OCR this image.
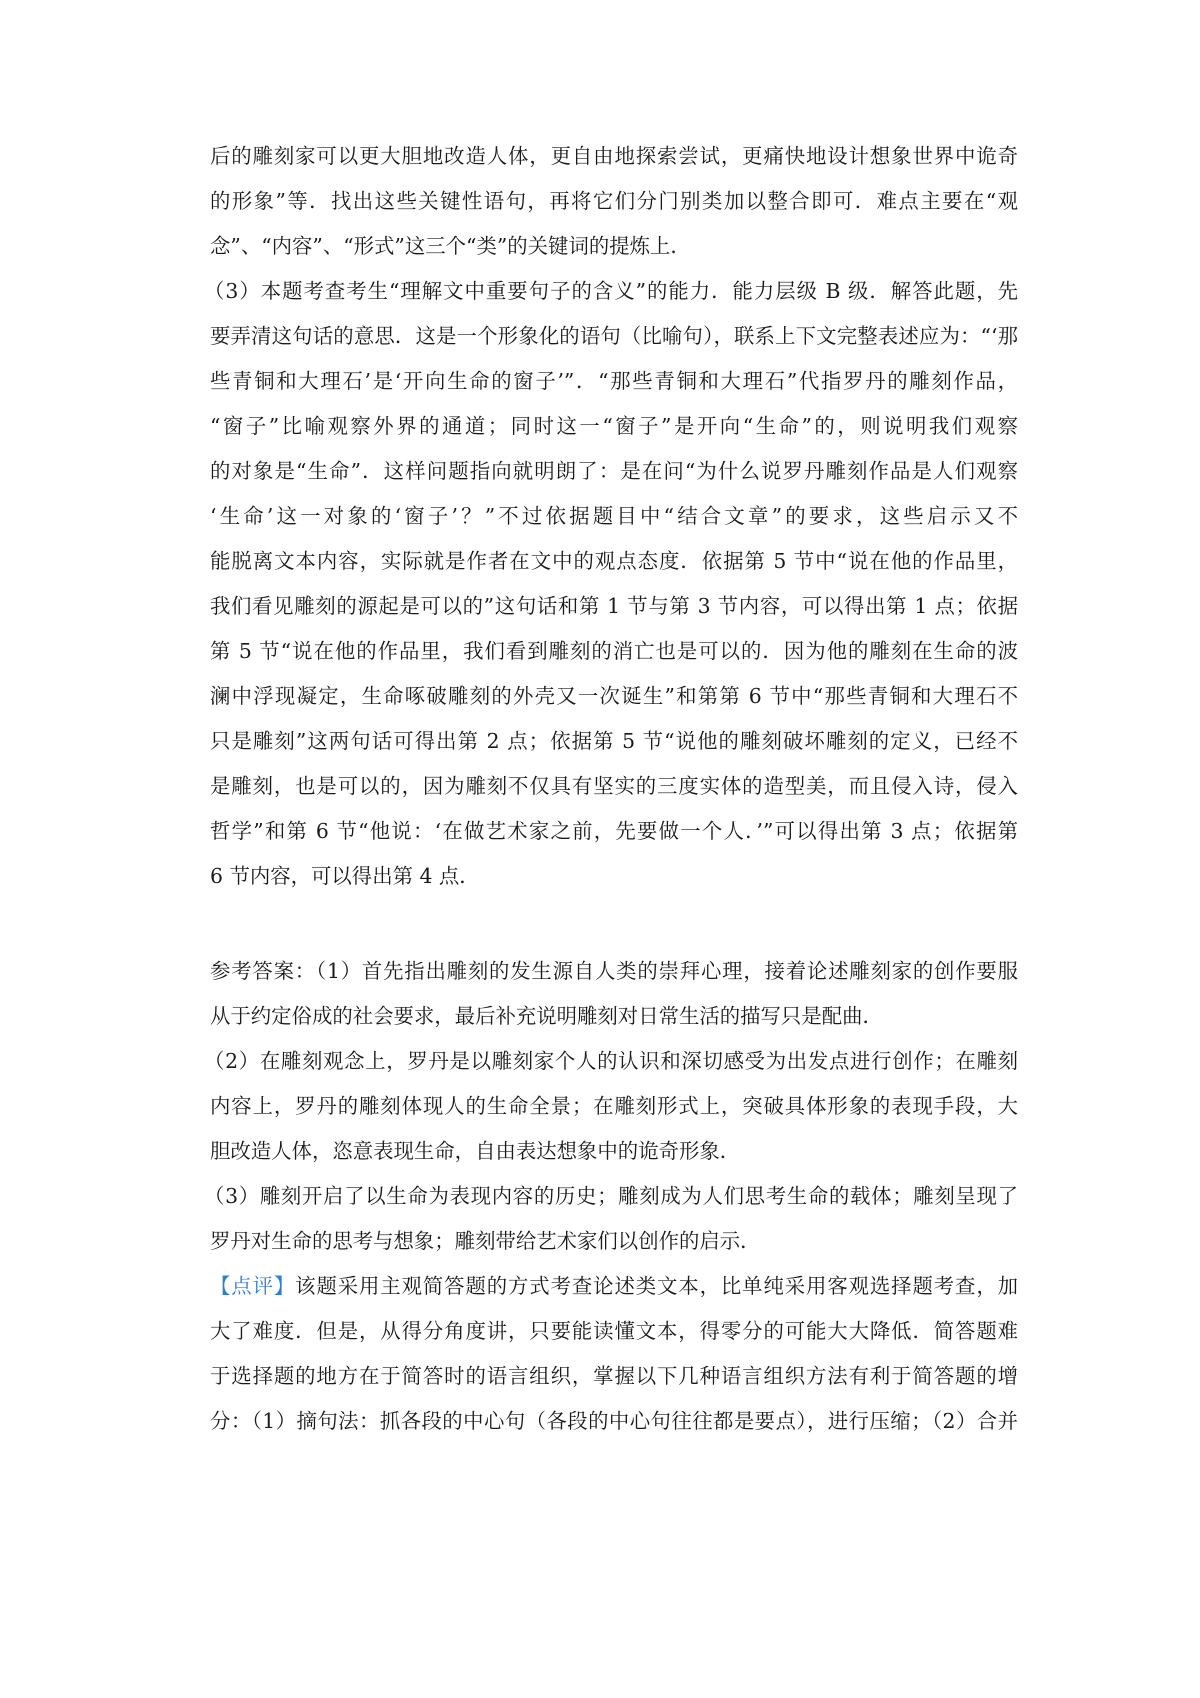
后的雕刻家可以更大胆地改造人体，更自由地探索尝试，更痛快地设计想象世界中诡奇
的形象”等．找出这些关键性语句，再将它们分门别类加以整合即可．难点主要在“观
念”、“内容”、“形式”这三个“类”的关键词的提炼上．
（3）本题考查考生“理解文中重要句子的含义”的能力．能力层级 B 级．解答此题，先
要弄清这句话的意思．这是一个形象化的语句（比喻句），联系上下文完整表述应为：“‘那
些青铜和大理石’是‘开向生命的窗子’”．“那些青铜和大理石”代指罗丹的雕刻作品，
“窗子”比喻观察外界的通道；同时这一“窗子”是开向“生命”的，则说明我们观察
的对象是“生命”．这样问题指向就明朗了：是在问“为什么说罗丹雕刻作品是人们观察
‘生命’这一对象的‘窗子’？”不过依据题目中“结合文章”的要求，这些启示又不
能脱离文本内容，实际就是作者在文中的观点态度．依据第 5 节中“说在他的作品里，
我们看见雕刻的源起是可以的”这句话和第 1 节与第 3 节内容，可以得出第 1 点；依据
第 5 节“说在他的作品里，我们看到雕刻的消亡也是可以的．因为他的雕刻在生命的波
澜中浮现凝定，生命啄破雕刻的外壳又一次诞生”和第第 6 节中“那些青铜和大理石不
只是雕刻”这两句话可得出第 2 点；依据第 5 节“说他的雕刻破坏雕刻的定义，已经不
是雕刻，也是可以的，因为雕刻不仅具有坚实的三度实体的造型美，而且侵入诗，侵入
哲学”和第 6 节“他说：‘在做艺术家之前，先要做一个人．’”可以得出第 3 点；依据第
6 节内容，可以得出第 4 点．
参考答案：（1）首先指出雕刻的发生源自人类的崇拜心理，接着论述雕刻家的创作要服
从于约定俗成的社会要求，最后补充说明雕刻对日常生活的描写只是配曲．
（2）在雕刻观念上，罗丹是以雕刻家个人的认识和深切感受为出发点进行创作；在雕刻
内容上，罗丹的雕刻体现人的生命全景；在雕刻形式上，突破具体形象的表现手段，大
胆改造人体，恣意表现生命，自由表达想象中的诡奇形象．
（3）雕刻开启了以生命为表现内容的历史；雕刻成为人们思考生命的载体；雕刻呈现了
罗丹对生命的思考与想象；雕刻带给艺术家们以创作的启示．
【点评】该题采用主观简答题的方式考查论述类文本，比单纯采用客观选择题考查，加
大了难度．但是，从得分角度讲，只要能读懂文本，得零分的可能大大降低．简答题难
于选择题的地方在于简答时的语言组织，掌握以下几种语言组织方法有利于简答题的增
分：（1）摘句法：抓各段的中心句（各段的中心句往往都是要点），进行压缩；（2）合并
